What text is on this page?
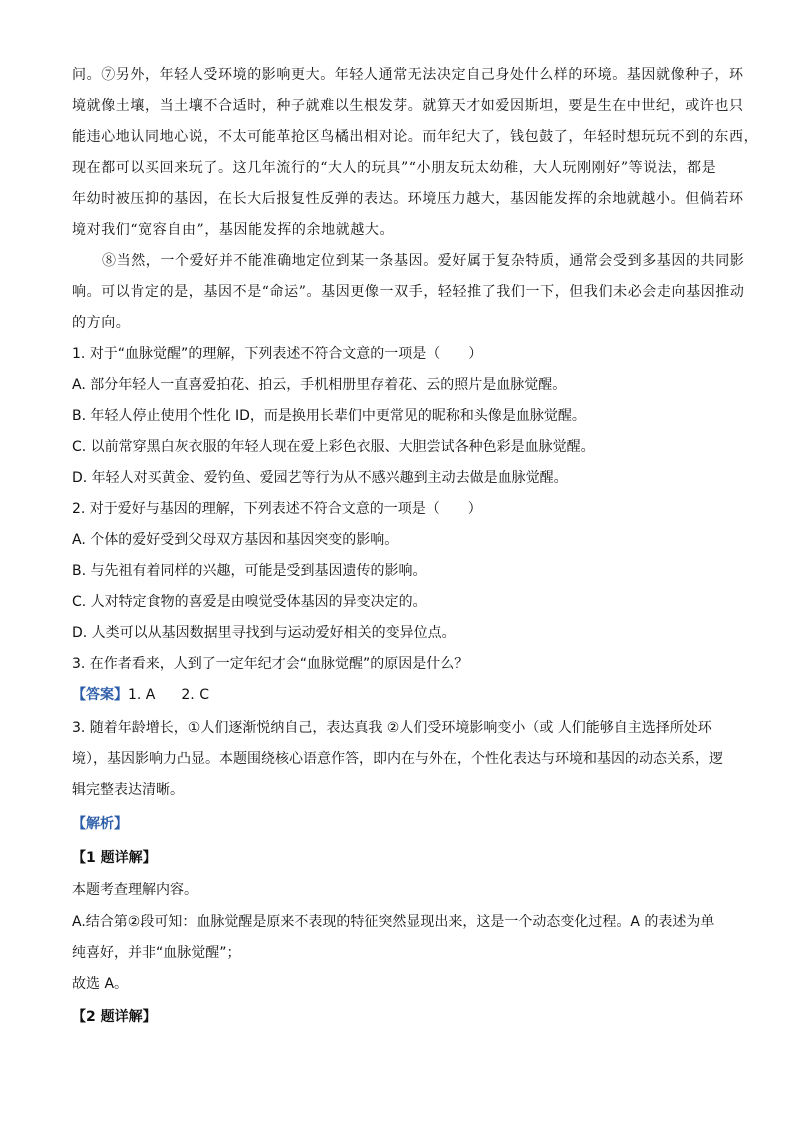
问。⑦另外，年轻人受环境的影响更大。年轻人通常无法决定自己身处什么样的环境。基因就像种子，环
境就像土壤，当土壤不合适时，种子就难以生根发芽。就算天才如爱因斯坦，要是生在中世纪，或许也只
能违心地认同地心说，不太可能革抢区鸟橘出相对论。而年纪大了，钱包鼓了，年轻时想玩玩不到的东西，
现在都可以买回来玩了。这几年流行的“大人的玩具”“小朋友玩太幼稚，大人玩刚刚好”等说法，都是
年幼时被压抑的基因，在长大后报复性反弹的表达。环境压力越大，基因能发挥的余地就越小。但倘若环
境对我们“宽容自由”，基因能发挥的余地就越大。
⑧当然，一个爱好并不能准确地定位到某一条基因。爱好属于复杂特质，通常会受到多基因的共同影
响。可以肯定的是，基因不是“命运”。基因更像一双手，轻轻推了我们一下，但我们未必会走向基因推动
的方向。
1. 对于“血脉觉醒”的理解，下列表述不符合文意的一项是（　　）
A. 部分年轻人一直喜爱拍花、拍云，手机相册里存着花、云的照片是血脉觉醒。
B. 年轻人停止使用个性化 ID，而是换用长辈们中更常见的昵称和头像是血脉觉醒。
C. 以前常穿黑白灰衣服的年轻人现在爱上彩色衣服、大胆尝试各种色彩是血脉觉醒。
D. 年轻人对买黄金、爱钓鱼、爱园艺等行为从不感兴趣到主动去做是血脉觉醒。
2. 对于爱好与基因的理解，下列表述不符合文意的一项是（　　）
A. 个体的爱好受到父母双方基因和基因突变的影响。
B. 与先祖有着同样的兴趣，可能是受到基因遗传的影响。
C. 人对特定食物的喜爱是由嗅觉受体基因的异变决定的。
D. 人类可以从基因数据里寻找到与运动爱好相关的变异位点。
3. 在作者看来，人到了一定年纪才会“血脉觉醒”的原因是什么？
【答案】1. A 2. C
3. 随着年龄增长，①人们逐渐悦纳自己，表达真我 ②人们受环境影响变小（或 人们能够自主选择所处环
境），基因影响力凸显。本题围绕核心语意作答，即内在与外在，个性化表达与环境和基因的动态关系，逻
辑完整表达清晰。
【解析】
【1 题详解】
本题考查理解内容。
A.结合第②段可知：血脉觉醒是原来不表现的特征突然显现出来，这是一个动态变化过程。A 的表述为单
纯喜好，并非“血脉觉醒”；
故选 A。
【2 题详解】
